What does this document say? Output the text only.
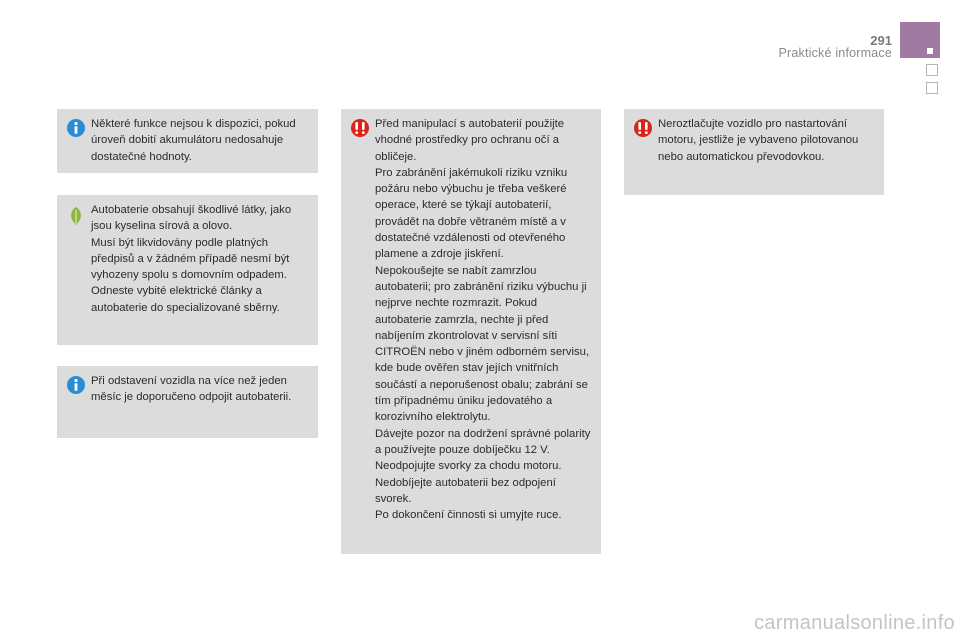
291
Praktické informace
Některé funkce nejsou k dispozici, pokud úroveň dobití akumulátoru nedosahuje dostatečné hodnoty.
Autobaterie obsahují škodlivé látky, jako jsou kyselina sírová a olovo.
Musí být likvidovány podle platných předpisů a v žádném případě nesmí být vyhozeny spolu s domovním odpadem.
Odneste vybité elektrické články a autobaterie do specializované sběrny.
Při odstavení vozidla na více než jeden měsíc je doporučeno odpojit autobaterii.
Před manipulací s autobaterií použijte vhodné prostředky pro ochranu očí a obličeje.
Pro zabránění jakémukoli riziku vzniku požáru nebo výbuchu je třeba veškeré operace, které se týkají autobaterií, provádět na dobře větraném místě a v dostatečné vzdálenosti od otevřeného plamene a zdroje jiskření.
Nepokoušejte se nabít zamrzlou autobaterii; pro zabránění riziku výbuchu ji nejprve nechte rozmrazit. Pokud autobaterie zamrzla, nechte ji před nabíjením zkontrolovat v servisní síti CITROËN nebo v jiném odborném servisu, kde bude ověřen stav jejích vnitřních součástí a neporušenost obalu; zabrání se tím případnému úniku jedovatého a korozivního elektrolytu.
Dávejte pozor na dodržení správné polarity a používejte pouze dobíječku 12 V.
Neodpojujte svorky za chodu motoru.
Nedobíjejte autobaterii bez odpojení svorek.
Po dokončení činnosti si umyjte ruce.
Neroztlačujte vozidlo pro nastartování motoru, jestliže je vybaveno pilotovanou nebo automatickou převodovkou.
carmanualsonline.info
